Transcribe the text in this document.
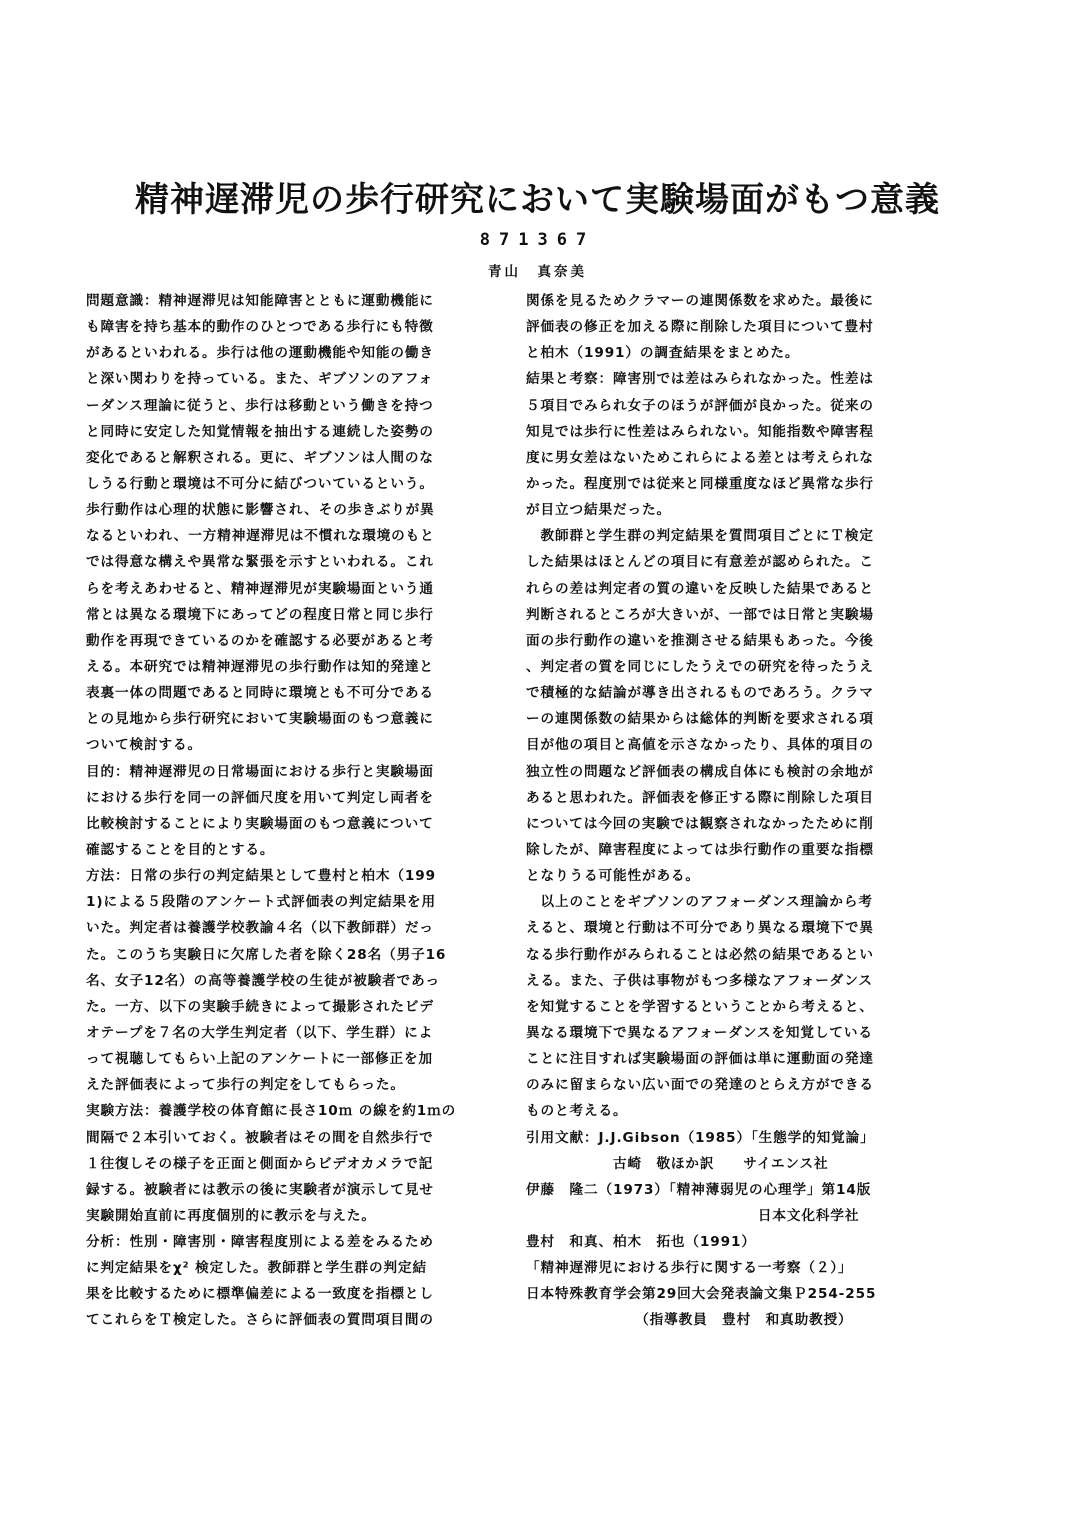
精神遅滞児の歩行研究において実験場面がもつ意義
871367
青山　真奈美
問題意識：精神遅滞児は知能障害とともに運動機能に
も障害を持ち基本的動作のひとつである歩行にも特徴
があるといわれる。歩行は他の運動機能や知能の働き
と深い関わりを持っている。また、ギブソンのアフォ
ーダンス理論に従うと、歩行は移動という働きを持つ
と同時に安定した知覚情報を抽出する連続した姿勢の
変化であると解釈される。更に、ギブソンは人間のな
しうる行動と環境は不可分に結びついているという。
歩行動作は心理的状態に影響され、その歩きぶりが異
なるといわれ、一方精神遅滞児は不慣れな環境のもと
では得意な構えや異常な緊張を示すといわれる。これ
らを考えあわせると、精神遅滞児が実験場面という通
常とは異なる環境下にあってどの程度日常と同じ歩行
動作を再現できているのかを確認する必要があると考
える。本研究では精神遅滞児の歩行動作は知的発達と
表裏一体の問題であると同時に環境とも不可分である
との見地から歩行研究において実験場面のもつ意義に
ついて検討する。
目的：精神遅滞児の日常場面における歩行と実験場面
における歩行を同一の評価尺度を用いて判定し両者を
比較検討することにより実験場面のもつ意義について
確認することを目的とする。
方法：日常の歩行の判定結果として豊村と柏木（199
1)による５段階のアンケート式評価表の判定結果を用
いた。判定者は養護学校教諭４名（以下教師群）だっ
た。このうち実験日に欠席した者を除く28名（男子16
名、女子12名）の高等養護学校の生徒が被験者であっ
た。一方、以下の実験手続きによって撮影されたビデ
オテープを７名の大学生判定者（以下、学生群）によ
って視聴してもらい上記のアンケートに一部修正を加
えた評価表によって歩行の判定をしてもらった。
実験方法：養護学校の体育館に長さ10ｍ の線を約1ｍの
間隔で２本引いておく。被験者はその間を自然歩行で
１往復しその様子を正面と側面からビデオカメラで記
録する。被験者には教示の後に実験者が演示して見せ
実験開始直前に再度個別的に教示を与えた。
分析：性別・障害別・障害程度別による差をみるため
に判定結果をχ² 検定した。教師群と学生群の判定結
果を比較するために標準偏差による一致度を指標とし
てこれらをＴ検定した。さらに評価表の質問項目間の
関係を見るためクラマーの連関係数を求めた。最後に
評価表の修正を加える際に削除した項目について豊村
と柏木（1991）の調査結果をまとめた。
結果と考察：障害別では差はみられなかった。性差は
５項目でみられ女子のほうが評価が良かった。従来の
知見では歩行に性差はみられない。知能指数や障害程
度に男女差はないためこれらによる差とは考えられな
かった。程度別では従来と同様重度なほど異常な歩行
が目立つ結果だった。
　教師群と学生群の判定結果を質問項目ごとにＴ検定
した結果はほとんどの項目に有意差が認められた。こ
れらの差は判定者の質の違いを反映した結果であると
判断されるところが大きいが、一部では日常と実験場
面の歩行動作の違いを推測させる結果もあった。今後
、判定者の質を同じにしたうえでの研究を待ったうえ
で積極的な結論が導き出されるものであろう。クラマ
ーの連関係数の結果からは総体的判断を要求される項
目が他の項目と高値を示さなかったり、具体的項目の
独立性の問題など評価表の構成自体にも検討の余地が
あると思われた。評価表を修正する際に削除した項目
については今回の実験では観察されなかったために削
除したが、障害程度によっては歩行動作の重要な指標
となりうる可能性がある。
　以上のことをギブソンのアフォーダンス理論から考
えると、環境と行動は不可分であり異なる環境下で異
なる歩行動作がみられることは必然の結果であるとい
える。また、子供は事物がもつ多様なアフォーダンス
を知覚することを学習するということから考えると、
異なる環境下で異なるアフォーダンスを知覚している
ことに注目すれば実験場面の評価は単に運動面の発達
のみに留まらない広い面での発達のとらえ方ができる
ものと考える。
引用文献：J.J.Gibson（1985）「生態学的知覚論」
　　　　　　古崎　敬ほか訳　　サイエンス社
伊藤　隆二（1973）「精神薄弱児の心理学」第14版
　　　　　　　　　　　　　　　　日本文化科学社
豊村　和真、柏木　拓也（1991）
「精神遅滞児における歩行に関する一考察（２）」
日本特殊教育学会第29回大会発表論文集Ｐ254-255
　　　　　　　　（指導教員　豊村　和真助教授）
